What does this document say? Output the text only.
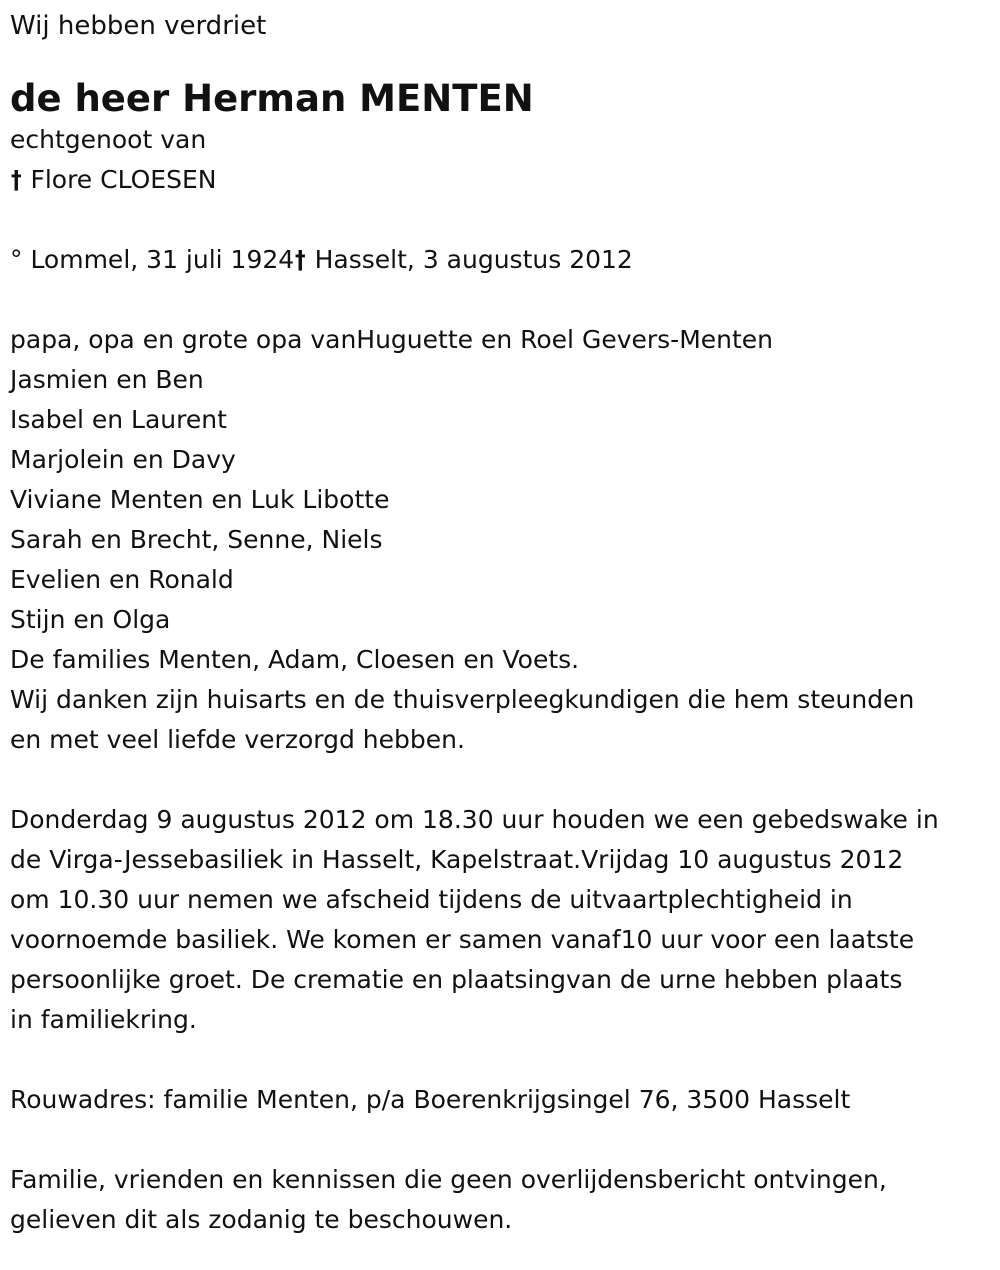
Wij hebben verdriet

de heer Herman MENTEN

echtgenoot van

† Flore CLOESEN

° Lommel, 31 juli 1924† Hasselt, 3 augustus 2012

papa, opa en grote opa vanHuguette en Roel Gevers-Menten

Jasmien en Ben

Isabel en Laurent

Marjolein en Davy

Viviane Menten en Luk Libotte

Sarah en Brecht, Senne, Niels

Evelien en Ronald

Stijn en Olga

De families Menten, Adam, Cloesen en Voets.

Wij danken zijn huisarts en de thuisverpleegkundigen die hem steunden

en met veel liefde verzorgd hebben.

Donderdag 9 augustus 2012 om 18.30 uur houden we een gebedswake in

de Virga-Jessebasiliek in Hasselt, Kapelstraat.Vrijdag 10 augustus 2012

om 10.30 uur nemen we afscheid tijdens de uitvaartplechtigheid in

voornoemde basiliek. We komen er samen vanaf10 uur voor een laatste

persoonlijke groet. De crematie en plaatsingvan de urne hebben plaats

in familiekring.

Rouwadres: familie Menten, p/a Boerenkrijgsingel 76, 3500 Hasselt

Familie, vrienden en kennissen die geen overlijdensbericht ontvingen,

gelieven dit als zodanig te beschouwen.
